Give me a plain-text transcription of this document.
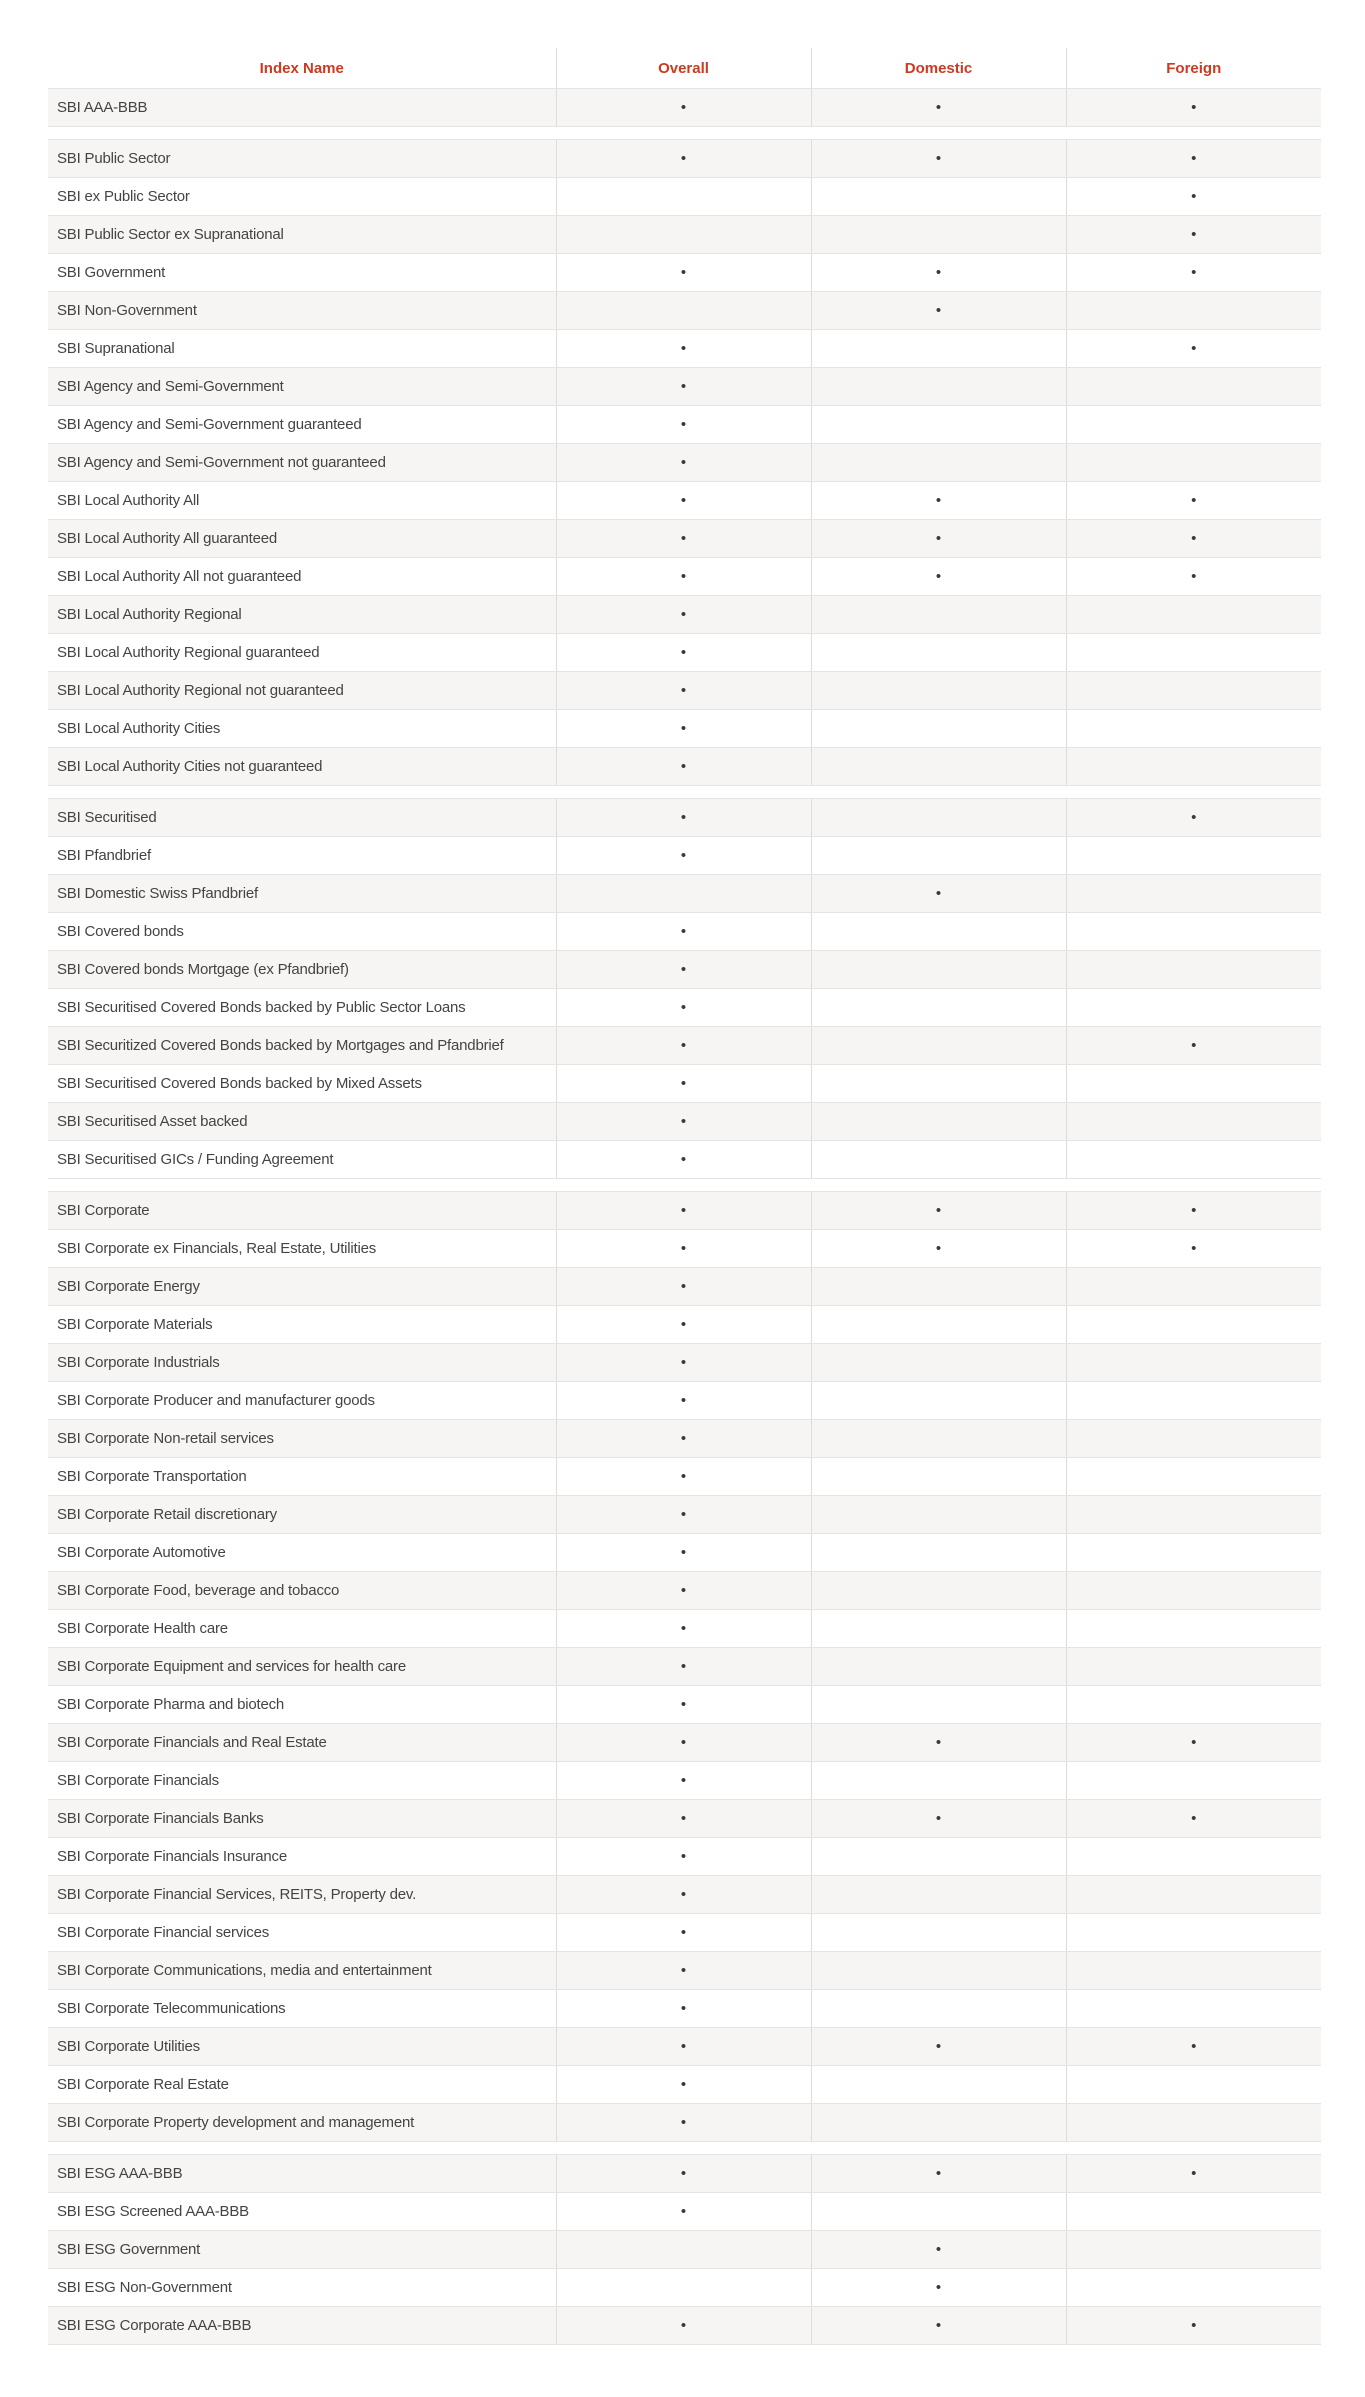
Index Name	Overall	Domestic	Foreign
SBI AAA-BBB	•	•	•

SBI Public Sector	•	•	•
SBI ex Public Sector			•
SBI Public Sector ex Supranational			•
SBI Government	•	•	•
SBI Non-Government		•	
SBI Supranational	•		•
SBI Agency and Semi-Government	•		
SBI Agency and Semi-Government guaranteed	•		
SBI Agency and Semi-Government not guaranteed	•		
SBI Local Authority All	•	•	•
SBI Local Authority All guaranteed	•	•	•
SBI Local Authority All not guaranteed	•	•	•
SBI Local Authority Regional	•		
SBI Local Authority Regional guaranteed	•		
SBI Local Authority Regional not guaranteed	•		
SBI Local Authority Cities	•		
SBI Local Authority Cities not guaranteed	•		

SBI Securitised	•		•
SBI Pfandbrief	•		
SBI Domestic Swiss Pfandbrief		•	
SBI Covered bonds	•		
SBI Covered bonds Mortgage (ex Pfandbrief)	•		
SBI Securitised Covered Bonds backed by Public Sector Loans	•		
SBI Securitized Covered Bonds backed by Mortgages and Pfandbrief	•		•
SBI Securitised Covered Bonds backed by Mixed Assets	•		
SBI Securitised Asset backed	•		
SBI Securitised GICs / Funding Agreement	•		

SBI Corporate	•	•	•
SBI Corporate ex Financials, Real Estate, Utilities	•	•	•
SBI Corporate Energy	•		
SBI Corporate Materials	•		
SBI Corporate Industrials	•		
SBI Corporate Producer and manufacturer goods	•		
SBI Corporate Non-retail services	•		
SBI Corporate Transportation	•		
SBI Corporate Retail discretionary	•		
SBI Corporate Automotive	•		
SBI Corporate Food, beverage and tobacco	•		
SBI Corporate Health care	•		
SBI Corporate Equipment and services for health care	•		
SBI Corporate Pharma and biotech	•		
SBI Corporate Financials and Real Estate	•	•	•
SBI Corporate Financials	•		
SBI Corporate Financials Banks	•	•	•
SBI Corporate Financials Insurance	•		
SBI Corporate Financial Services, REITS, Property dev.	•		
SBI Corporate Financial services	•		
SBI Corporate Communications, media and entertainment	•		
SBI Corporate Telecommunications	•		
SBI Corporate Utilities	•	•	•
SBI Corporate Real Estate	•		
SBI Corporate Property development and management	•		

SBI ESG AAA-BBB	•	•	•
SBI ESG Screened AAA-BBB	•		
SBI ESG Government		•	
SBI ESG Non-Government		•	
SBI ESG Corporate AAA-BBB	•	•	•
